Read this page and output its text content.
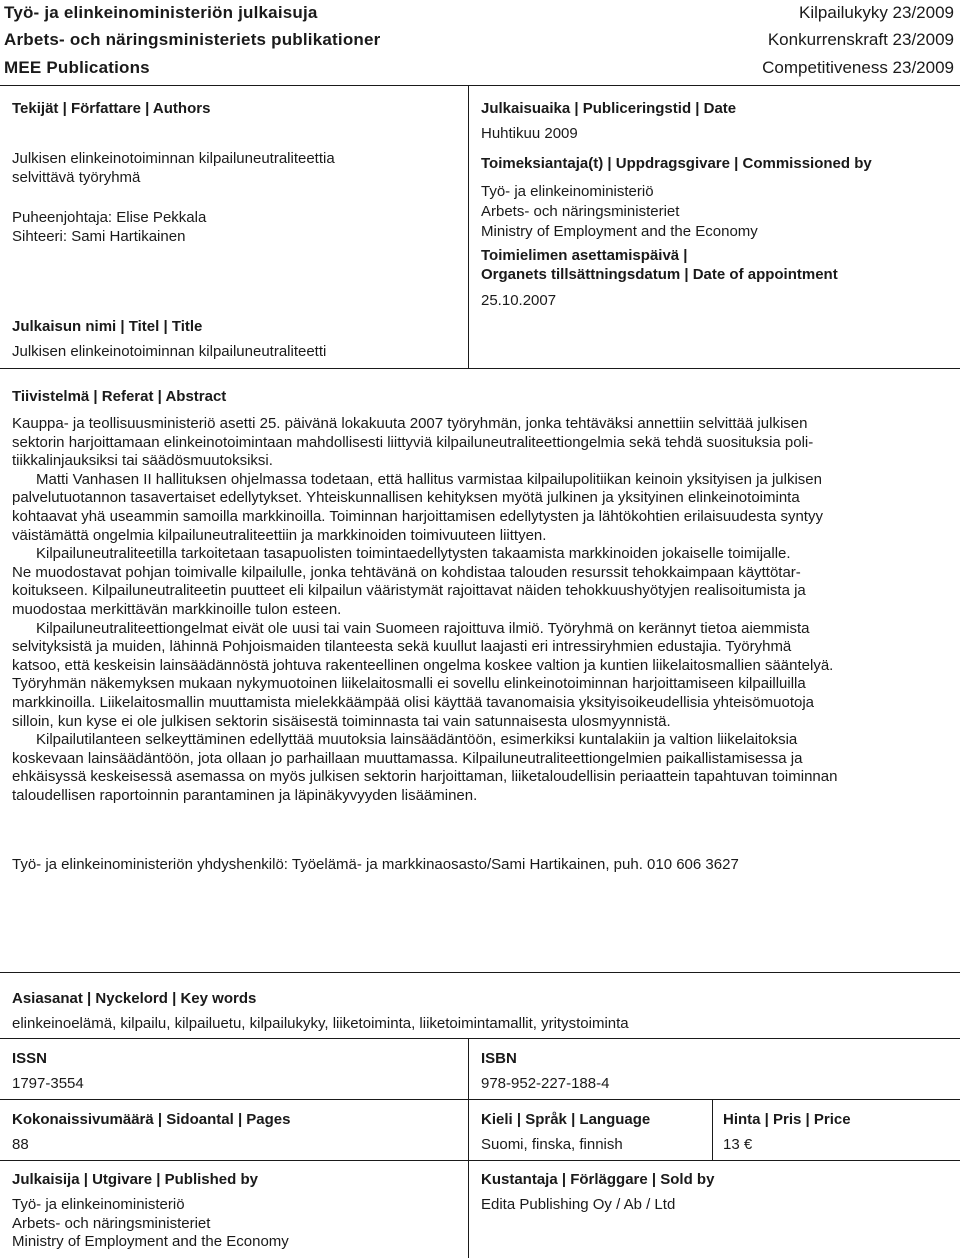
Työ- ja elinkeinoministeriön julkaisuja
Arbets- och näringsministeriets publikationer
MEE Publications
Kilpailukyky 23/2009
Konkurrenskraft 23/2009
Competitiveness 23/2009
Tekijät | Författare | Authors
Julkisen elinkeinotoiminnan kilpailuneutraliteettia
selvittävä työryhmä
Puheenjohtaja: Elise Pekkala
Sihteeri: Sami Hartikainen
Julkaisun nimi | Titel | Title
Julkisen elinkeinotoiminnan kilpailuneutraliteetti
Julkaisuaika | Publiceringstid | Date
Huhtikuu 2009
Toimeksiantaja(t) | Uppdragsgivare | Commissioned by
Työ- ja elinkeinoministeriö
Arbets- och näringsministeriet
Ministry of Employment and the Economy
Toimielimen asettamispäivä |
Organets tillsättningsdatum | Date of appointment
25.10.2007
Tiivistelmä | Referat | Abstract
Kauppa- ja teollisuusministeriö asetti 25. päivänä lokakuuta 2007 työryhmän, jonka tehtäväksi annettiin selvittää julkisen
sektorin harjoittamaan elinkeinotoimintaan mahdollisesti liittyviä kilpailuneutraliteettiongelmia sekä tehdä suosituksia poli-
tiikkalinjauksiksi tai säädösmuutoksiksi.
Matti Vanhasen II hallituksen ohjelmassa todetaan, että hallitus varmistaa kilpailupolitiikan keinoin yksityisen ja julkisen
palvelutuotannon tasavertaiset edellytykset. Yhteiskunnallisen kehityksen myötä julkinen ja yksityinen elinkeinotoiminta
kohtaavat yhä useammin samoilla markkinoilla. Toiminnan harjoittamisen edellytysten ja lähtökohtien erilaisuudesta syntyy
väistämättä ongelmia kilpailuneutraliteettiin ja markkinoiden toimivuuteen liittyen.
Kilpailuneutraliteetilla tarkoitetaan tasapuolisten toimintaedellytysten takaamista markkinoiden jokaiselle toimijalle.
Ne muodostavat pohjan toimivalle kilpailulle, jonka tehtävänä on kohdistaa talouden resurssit tehokkaimpaan käyttötar-
koitukseen. Kilpailuneutraliteetin puutteet eli kilpailun vääristymät rajoittavat näiden tehokkuushyötyjen realisoitumista ja
muodostaa merkittävän markkinoille tulon esteen.
Kilpailuneutraliteettiongelmat eivät ole uusi tai vain Suomeen rajoittuva ilmiö. Työryhmä on kerännyt tietoa aiemmista
selvityksistä ja muiden, lähinnä Pohjoismaiden tilanteesta sekä kuullut laajasti eri intressiryhmien edustajia. Työryhmä
katsoo, että keskeisin lainsäädännöstä johtuva rakenteellinen ongelma koskee valtion ja kuntien liikelaitosmallien sääntelyä.
Työryhmän näkemyksen mukaan nykymuotoinen liikelaitosmalli ei sovellu elinkeinotoiminnan harjoittamiseen kilpailluilla
markkinoilla. Liikelaitosmallin muuttamista mielekkäämpää olisi käyttää tavanomaisia yksityisoikeudellisia yhteisömuotoja
silloin, kun kyse ei ole julkisen sektorin sisäisestä toiminnasta tai vain satunnaisesta ulosmyynnistä.
Kilpailutilanteen selkeyttäminen edellyttää muutoksia lainsäädäntöön, esimerkiksi kuntalakiin ja valtion liikelaitoksia
koskevaan lainsäädäntöön, jota ollaan jo parhaillaan muuttamassa. Kilpailuneutraliteettiongelmien paikallistamisessa ja
ehkäisyssä keskeisessä asemassa on myös julkisen sektorin harjoittaman, liiketaloudellisin periaattein tapahtuvan toiminnan
taloudellisen raportoinnin parantaminen ja läpinäkyvyyden lisääminen.
Työ- ja elinkeinoministeriön yhdyshenkilö: Työelämä- ja markkinaosasto/Sami Hartikainen, puh. 010 606 3627
Asiasanat | Nyckelord | Key words
elinkeinoelämä, kilpailu, kilpailuetu, kilpailukyky, liiketoiminta, liiketoimintamallit, yritystoiminta
ISSN
1797-3554
ISBN
978-952-227-188-4
Kokonaissivumäärä | Sidoantal | Pages
88
Kieli | Språk | Language
Suomi, finska, finnish
Hinta | Pris | Price
13 €
Julkaisija | Utgivare | Published by
Työ- ja elinkeinoministeriö
Arbets- och näringsministeriet
Ministry of Employment and the Economy
Kustantaja | Förläggare | Sold by
Edita Publishing Oy / Ab / Ltd
